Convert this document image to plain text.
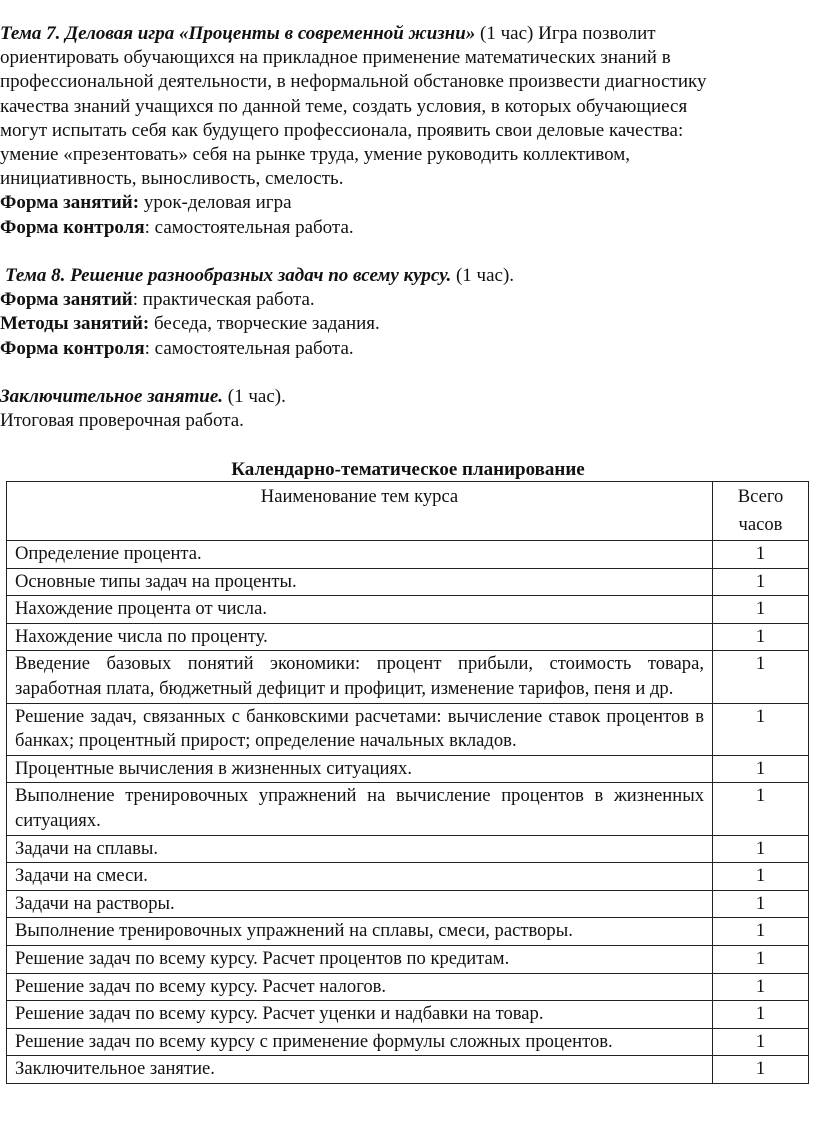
Тема 7. Деловая игра «Проценты в современной жизни» (1 час) Игра позволит
ориентировать обучающихся на прикладное применение математических знаний в
профессиональной деятельности, в неформальной обстановке произвести диагностику
качества знаний учащихся по данной теме, создать условия, в которых обучающиеся
могут испытать себя как будущего профессионала, проявить свои деловые качества:
умение «презентовать» себя на рынке труда, умение руководить коллективом,
инициативность, выносливость, смелость.
Форма занятий: урок-деловая игра
Форма контроля: самостоятельная работа.
Тема 8. Решение разнообразных задач по всему курсу. (1 час).
Форма занятий: практическая работа.
Методы занятий: беседа, творческие задания.
Форма контроля: самостоятельная работа.
Заключительное занятие. (1 час).
Итоговая проверочная работа.
Календарно-тематическое планирование
Наименование тем курса	Всего
часов
Определение процента.	1
Основные типы задач на проценты.	1
Нахождение процента от числа.	1
Нахождение числа по проценту.	1
Введение базовых понятий экономики: процент прибыли, стоимость товара, заработная плата, бюджетный дефицит и профицит, изменение тарифов, пеня и др.	1
Решение задач, связанных с банковскими расчетами: вычисление ставок процентов в банках; процентный прирост; определение начальных вкладов.	1
Процентные вычисления в жизненных ситуациях.	1
Выполнение тренировочных упражнений на вычисление процентов в жизненных ситуациях.	1
Задачи на сплавы.	1
Задачи на смеси.	1
Задачи на растворы.	1
Выполнение тренировочных упражнений на сплавы, смеси, растворы.	1
Решение задач по всему курсу. Расчет процентов по кредитам.	1
Решение задач по всему курсу. Расчет налогов.	1
Решение задач по всему курсу. Расчет уценки и надбавки на товар.	1
Решение задач по всему курсу с применение формулы сложных процентов.	1
Заключительное занятие.	1
